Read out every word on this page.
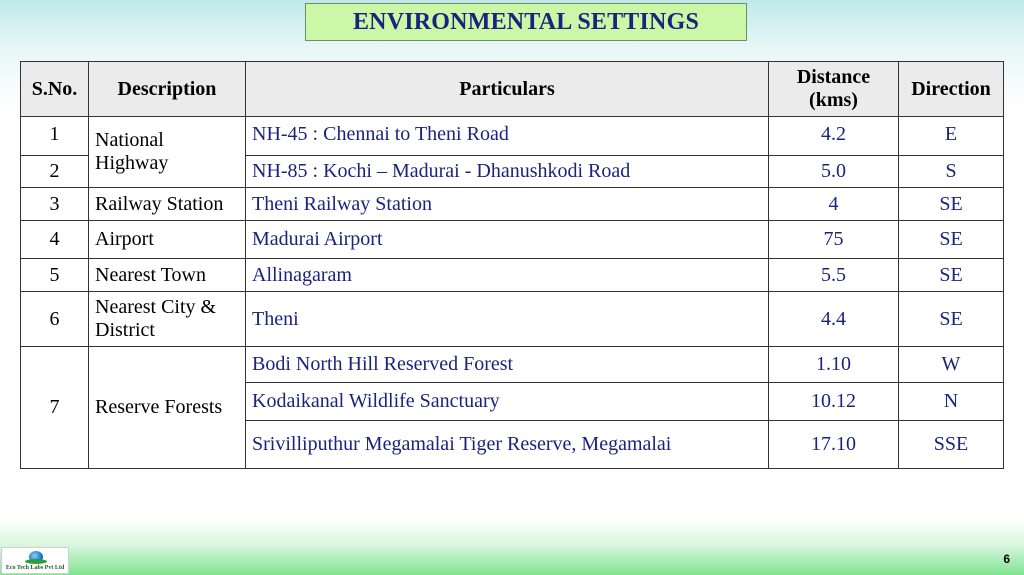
ENVIRONMENTAL SETTINGS
S.No.	Description	Particulars	Distance (kms)	Direction
1	National Highway	NH-45 : Chennai to Theni Road	4.2	E
2		NH-85 : Kochi – Madurai - Dhanushkodi Road	5.0	S
3	Railway Station	Theni Railway Station	4	SE
4	Airport	Madurai Airport	75	SE
5	Nearest Town	Allinagaram	5.5	SE
6	Nearest City & District	Theni	4.4	SE
7	Reserve Forests	Bodi North Hill Reserved Forest	1.10	W
		Kodaikanal Wildlife Sanctuary	10.12	N
		Srivilliputhur Megamalai Tiger Reserve, Megamalai	17.10	SSE
Eco Tech Labs Pvt Ltd
6
